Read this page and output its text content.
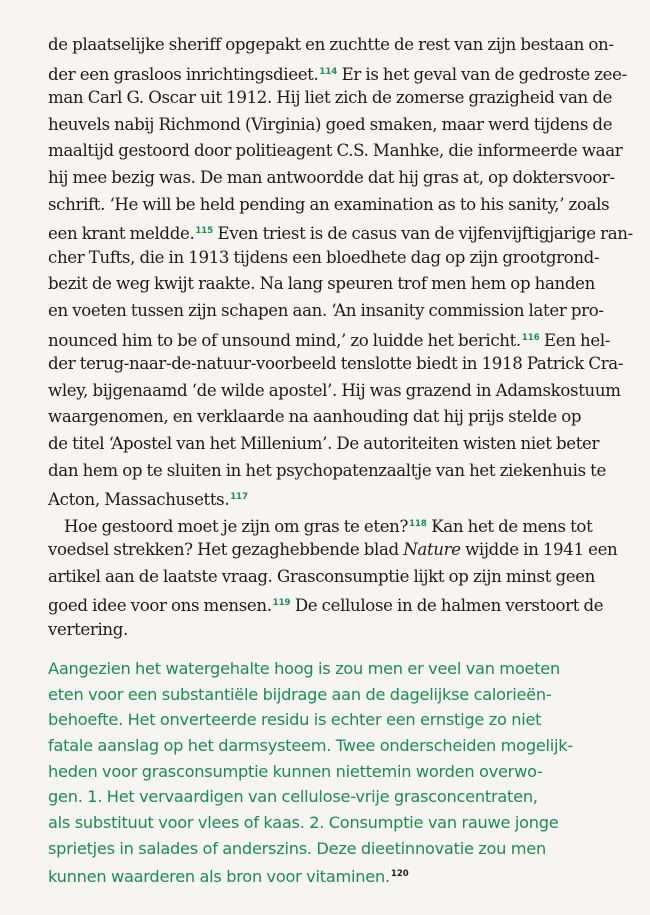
de plaatselijke sheriff opgepakt en zuchtte de rest van zijn bestaan on-
der een grasloos inrichtingsdieet.$^{114}$ Er is het geval van de gedroste zee-
man Carl G. Oscar uit 1912. Hij liet zich de zomerse grazigheid van de
heuvels nabij Richmond (Virginia) goed smaken, maar werd tijdens de
maaltijd gestoord door politieagent C.S. Manhke, die informeerde waar
hij mee bezig was. De man antwoordde dat hij gras at, op doktersvoor-
schrift. ‘He will be held pending an examination as to his sanity,’ zoals
een krant meldde.$^{115}$ Even triest is de casus van de vijfenvijftigjarige ran-
cher Tufts, die in 1913 tijdens een bloedhete dag op zijn grootgrond-
bezit de weg kwijt raakte. Na lang speuren trof men hem op handen
en voeten tussen zijn schapen aan. ‘An insanity commission later pro-
nounced him to be of unsound mind,’ zo luidde het bericht.$^{116}$ Een hel-
der terug-naar-de-natuur-voorbeeld tenslotte biedt in 1918 Patrick Cra-
wley, bijgenaamd ‘de wilde apostel’. Hij was grazend in Adamskostuum
waargenomen, en verklaarde na aanhouding dat hij prijs stelde op
de titel ‘Apostel van het Millenium’. De autoriteiten wisten niet beter
dan hem op te sluiten in het psychopatenzaaltje van het ziekenhuis te
Acton, Massachusetts.$^{117}$
Hoe gestoord moet je zijn om gras te eten?$^{118}$ Kan het de mens tot
voedsel strekken? Het gezaghebbende blad Nature wijdde in 1941 een
artikel aan de laatste vraag. Grasconsumptie lijkt op zijn minst geen
goed idee voor ons mensen.$^{119}$ De cellulose in de halmen verstoort de
vertering.
Aangezien het watergehalte hoog is zou men er veel van moeten
eten voor een substantiële bijdrage aan de dagelijkse calorieën-
behoefte. Het onverteerde residu is echter een ernstige zo niet
fatale aanslag op het darmsysteem. Twee onderscheiden mogelijk-
heden voor grasconsumptie kunnen niettemin worden overwo-
gen. 1. Het vervaardigen van cellulose-vrije grasconcentraten,
als substituut voor vlees of kaas. 2. Consumptie van rauwe jonge
sprietjes in salades of anderszins. Deze dieetinnovatie zou men
kunnen waarderen als bron voor vitaminen.$^{120}$
